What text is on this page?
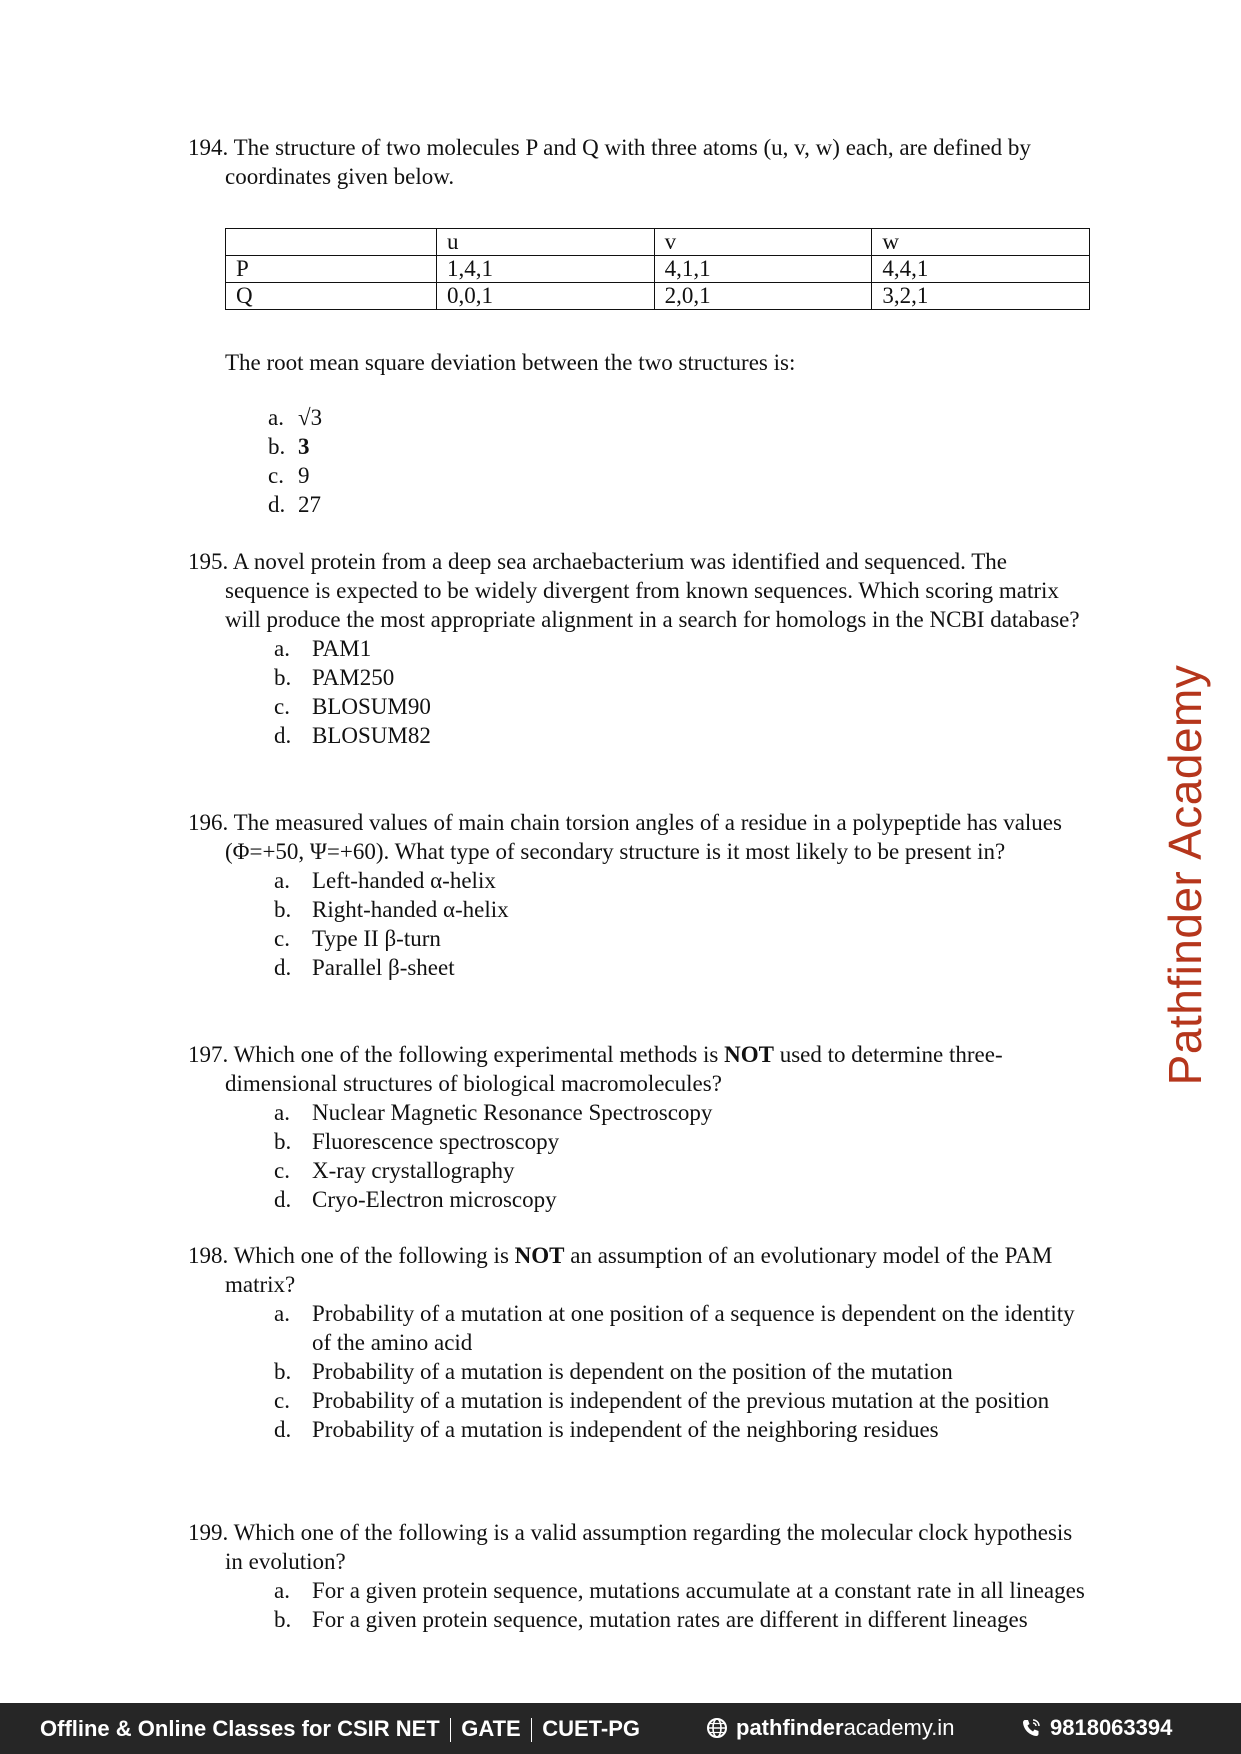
194. The structure of two molecules P and Q with three atoms (u, v, w) each, are defined by coordinates given below.
	u	v	w
P	1,4,1	4,1,1	4,4,1
Q	0,0,1	2,0,1	3,2,1
The root mean square deviation between the two structures is:
a. √3
b. 3
c. 9
d. 27
195. A novel protein from a deep sea archaebacterium was identified and sequenced. The sequence is expected to be widely divergent from known sequences. Which scoring matrix will produce the most appropriate alignment in a search for homologs in the NCBI database?
a. PAM1
b. PAM250
c. BLOSUM90
d. BLOSUM82
196. The measured values of main chain torsion angles of a residue in a polypeptide has values (Φ=+50, Ψ=+60). What type of secondary structure is it most likely to be present in?
a. Left-handed α-helix
b. Right-handed α-helix
c. Type II β-turn
d. Parallel β-sheet
197. Which one of the following experimental methods is NOT used to determine three-dimensional structures of biological macromolecules?
a. Nuclear Magnetic Resonance Spectroscopy
b. Fluorescence spectroscopy
c. X-ray crystallography
d. Cryo-Electron microscopy
198. Which one of the following is NOT an assumption of an evolutionary model of the PAM matrix?
a. Probability of a mutation at one position of a sequence is dependent on the identity of the amino acid
b. Probability of a mutation is dependent on the position of the mutation
c. Probability of a mutation is independent of the previous mutation at the position
d. Probability of a mutation is independent of the neighboring residues
199. Which one of the following is a valid assumption regarding the molecular clock hypothesis in evolution?
a. For a given protein sequence, mutations accumulate at a constant rate in all lineages
b. For a given protein sequence, mutation rates are different in different lineages
Pathfinder Academy
Offline & Online Classes for CSIR NET GATE CUET-PG	pathfinder academy.in	9818063394
